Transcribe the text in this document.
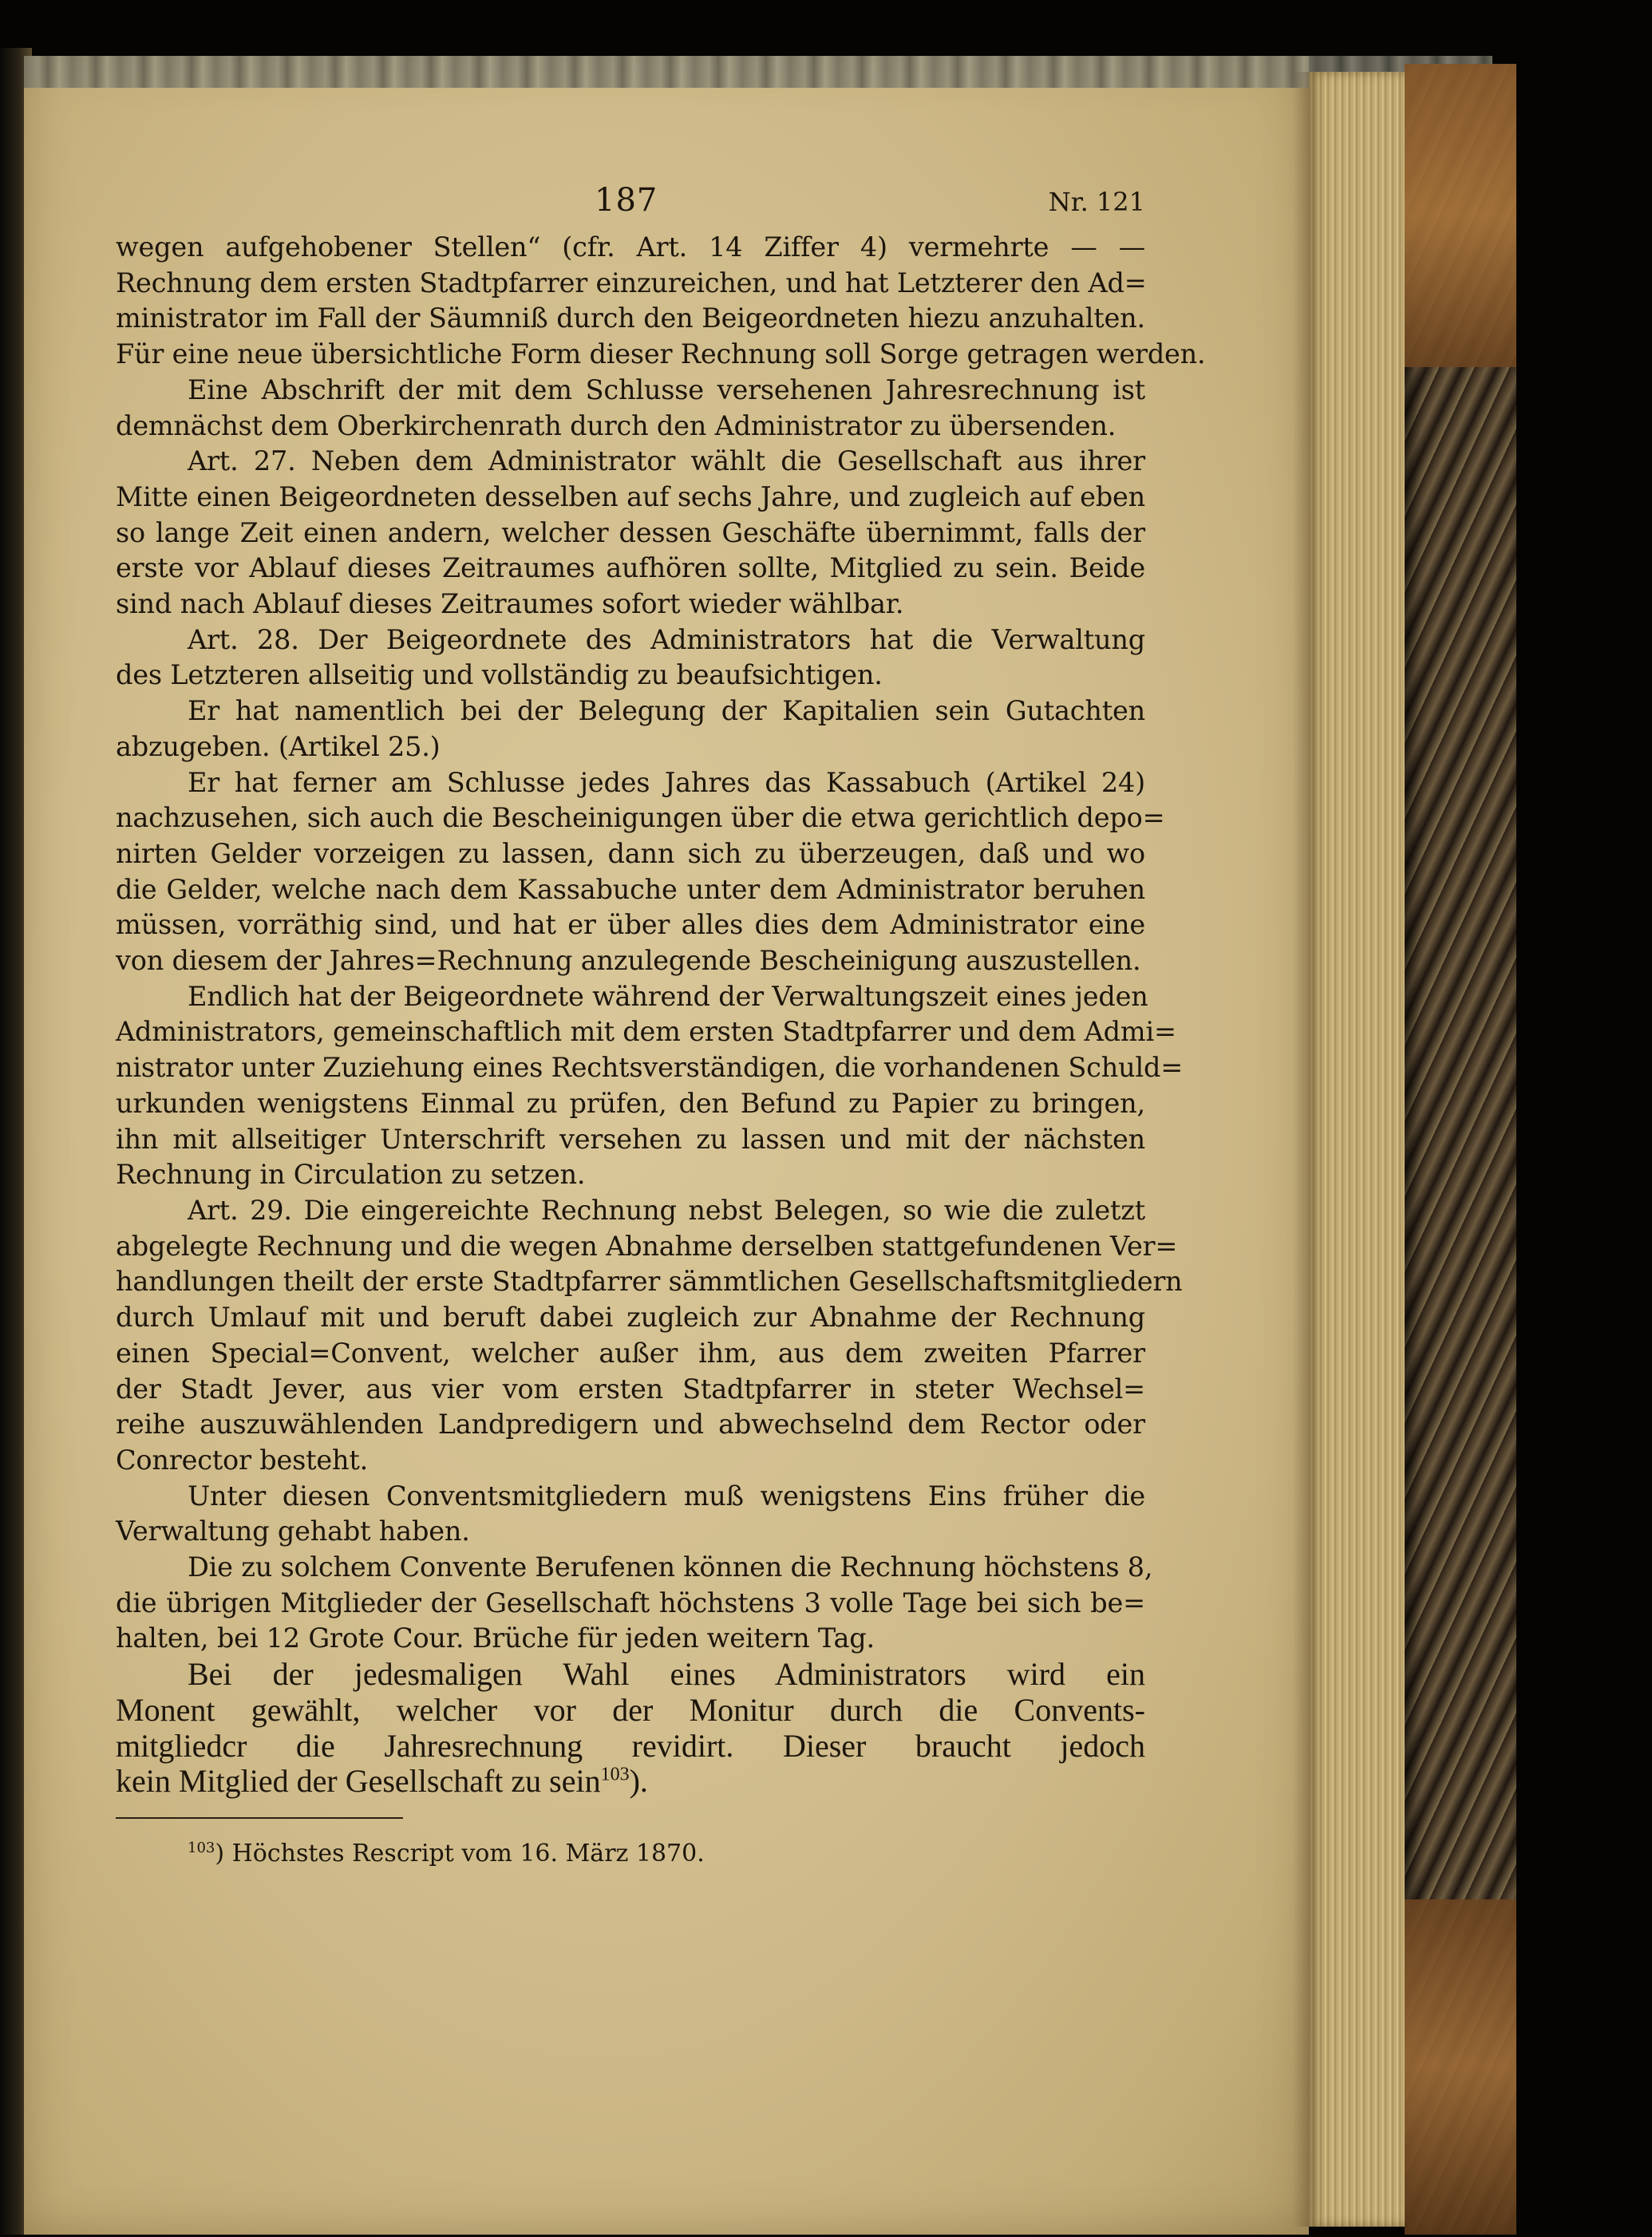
187	Nr. 121
wegen aufgehobener Stellen“ (cfr. Art. 14 Ziffer 4) vermehrte — —
Rechnung dem ersten Stadtpfarrer einzureichen, und hat Letzterer den Ad=
ministrator im Fall der Säumniß durch den Beigeordneten hiezu anzuhalten.
Für eine neue übersichtliche Form dieser Rechnung soll Sorge getragen werden.
Eine Abschrift der mit dem Schlusse versehenen Jahresrechnung ist
demnächst dem Oberkirchenrath durch den Administrator zu übersenden.
Art. 27. Neben dem Administrator wählt die Gesellschaft aus ihrer
Mitte einen Beigeordneten desselben auf sechs Jahre, und zugleich auf eben
so lange Zeit einen andern, welcher dessen Geschäfte übernimmt, falls der
erste vor Ablauf dieses Zeitraumes aufhören sollte, Mitglied zu sein. Beide
sind nach Ablauf dieses Zeitraumes sofort wieder wählbar.
Art. 28. Der Beigeordnete des Administrators hat die Verwaltung
des Letzteren allseitig und vollständig zu beaufsichtigen.
Er hat namentlich bei der Belegung der Kapitalien sein Gutachten
abzugeben. (Artikel 25.)
Er hat ferner am Schlusse jedes Jahres das Kassabuch (Artikel 24)
nachzusehen, sich auch die Bescheinigungen über die etwa gerichtlich depo=
nirten Gelder vorzeigen zu lassen, dann sich zu überzeugen, daß und wo
die Gelder, welche nach dem Kassabuche unter dem Administrator beruhen
müssen, vorräthig sind, und hat er über alles dies dem Administrator eine
von diesem der Jahres=Rechnung anzulegende Bescheinigung auszustellen.
Endlich hat der Beigeordnete während der Verwaltungszeit eines jeden
Administrators, gemeinschaftlich mit dem ersten Stadtpfarrer und dem Admi=
nistrator unter Zuziehung eines Rechtsverständigen, die vorhandenen Schuld=
urkunden wenigstens Einmal zu prüfen, den Befund zu Papier zu bringen,
ihn mit allseitiger Unterschrift versehen zu lassen und mit der nächsten
Rechnung in Circulation zu setzen.
Art. 29. Die eingereichte Rechnung nebst Belegen, so wie die zuletzt
abgelegte Rechnung und die wegen Abnahme derselben stattgefundenen Ver=
handlungen theilt der erste Stadtpfarrer sämmtlichen Gesellschaftsmitgliedern
durch Umlauf mit und beruft dabei zugleich zur Abnahme der Rechnung
einen Special=Convent, welcher außer ihm, aus dem zweiten Pfarrer
der Stadt Jever, aus vier vom ersten Stadtpfarrer in steter Wechsel=
reihe auszuwählenden Landpredigern und abwechselnd dem Rector oder
Conrector besteht.
Unter diesen Conventsmitgliedern muß wenigstens Eins früher die
Verwaltung gehabt haben.
Die zu solchem Convente Berufenen können die Rechnung höchstens 8,
die übrigen Mitglieder der Gesellschaft höchstens 3 volle Tage bei sich be=
halten, bei 12 Grote Cour. Brüche für jeden weitern Tag.
Bei der jedesmaligen Wahl eines Administrators wird ein
Monent gewählt, welcher vor der Monitur durch die Convents-
mitgliedcr die Jahresrechnung revidirt. Dieser braucht jedoch
kein Mitglied der Gesellschaft zu sein$^{103}$).
$^{103}$) Höchstes Rescript vom 16. März 1870.
